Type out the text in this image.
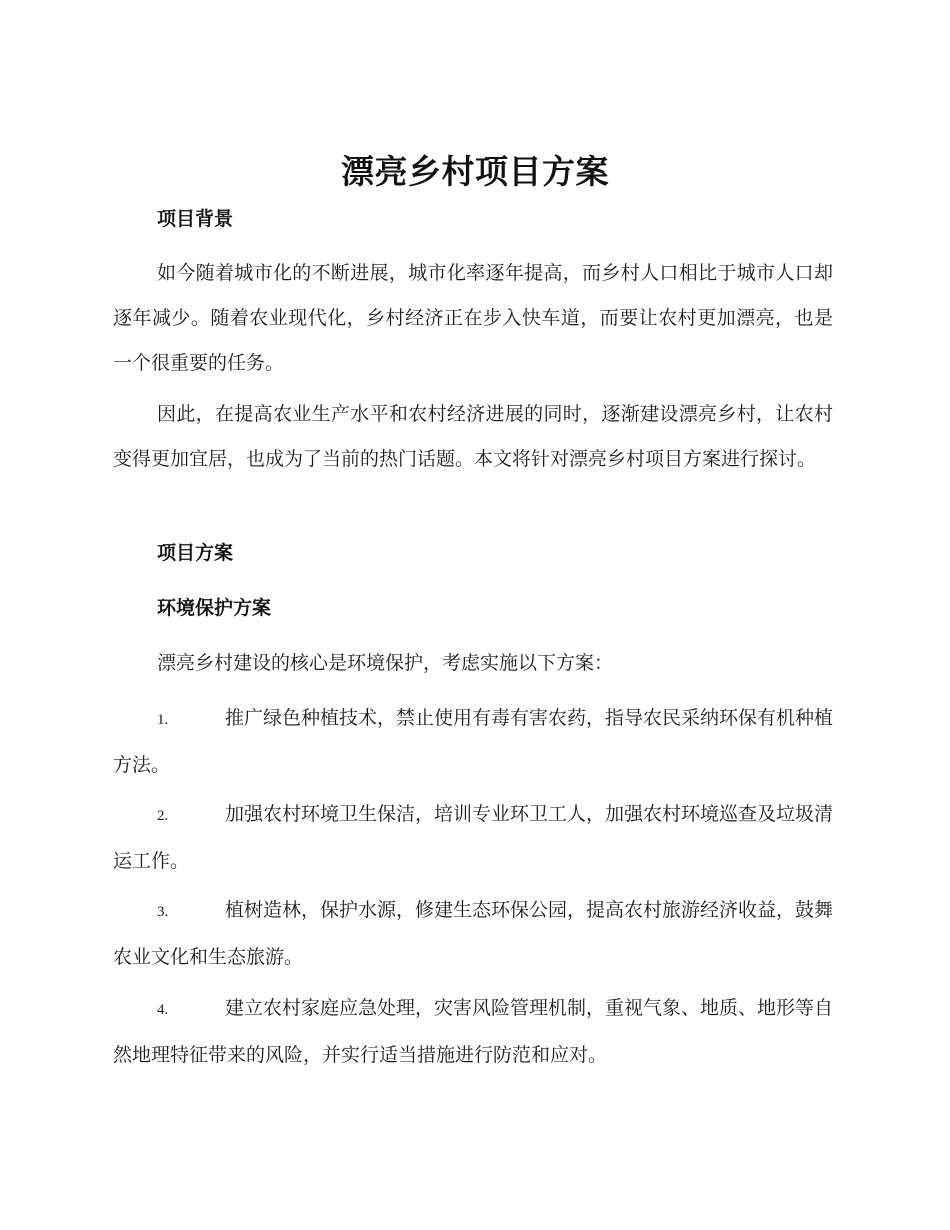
漂亮乡村项目方案
项目背景
如今随着城市化的不断进展，城市化率逐年提高，而乡村人口相比于城市人口却逐年减少。随着农业现代化，乡村经济正在步入快车道，而要让农村更加漂亮，也是一个很重要的任务。
因此，在提高农业生产水平和农村经济进展的同时，逐渐建设漂亮乡村，让农村变得更加宜居，也成为了当前的热门话题。本文将针对漂亮乡村项目方案进行探讨。
项目方案
环境保护方案
漂亮乡村建设的核心是环境保护，考虑实施以下方案：
1.	推广绿色种植技术，禁止使用有毒有害农药，指导农民采纳环保有机种植方法。
2.	加强农村环境卫生保洁，培训专业环卫工人，加强农村环境巡查及垃圾清运工作。
3.	植树造林，保护水源，修建生态环保公园，提高农村旅游经济收益，鼓舞农业文化和生态旅游。
4.	建立农村家庭应急处理，灾害风险管理机制，重视气象、地质、地形等自然地理特征带来的风险，并实行适当措施进行防范和应对。
